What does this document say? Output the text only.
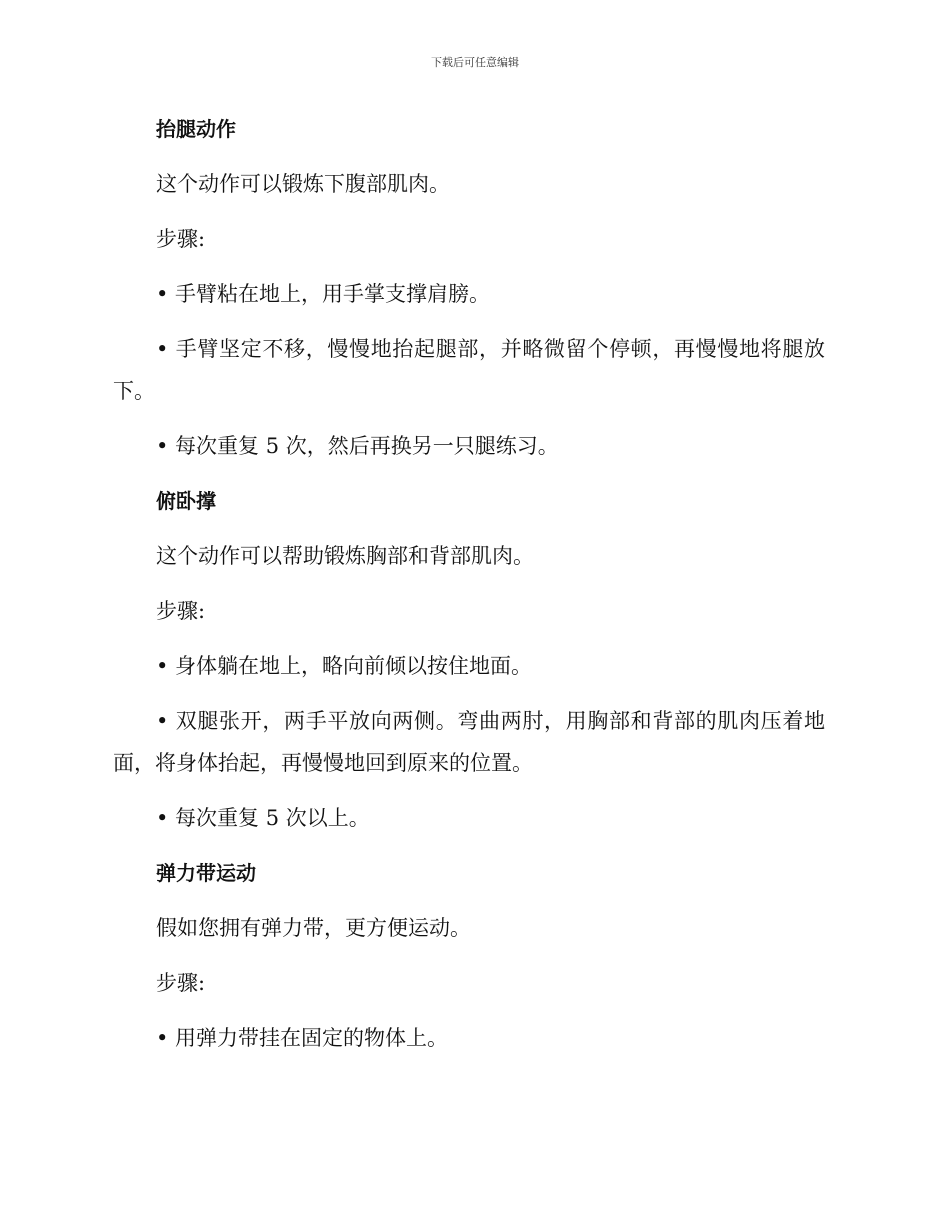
下载后可任意编辑

抬腿动作

这个动作可以锻炼下腹部肌肉。

步骤:

• 手臂粘在地上，用手掌支撑肩膀。

• 手臂坚定不移，慢慢地抬起腿部，并略微留个停顿，再慢慢地将腿放下。

• 每次重复 5 次，然后再换另一只腿练习。

俯卧撑

这个动作可以帮助锻炼胸部和背部肌肉。

步骤:

• 身体躺在地上，略向前倾以按住地面。

• 双腿张开，两手平放向两侧。弯曲两肘，用胸部和背部的肌肉压着地面，将身体抬起，再慢慢地回到原来的位置。

• 每次重复 5 次以上。

弹力带运动

假如您拥有弹力带，更方便运动。

步骤:

• 用弹力带挂在固定的物体上。
